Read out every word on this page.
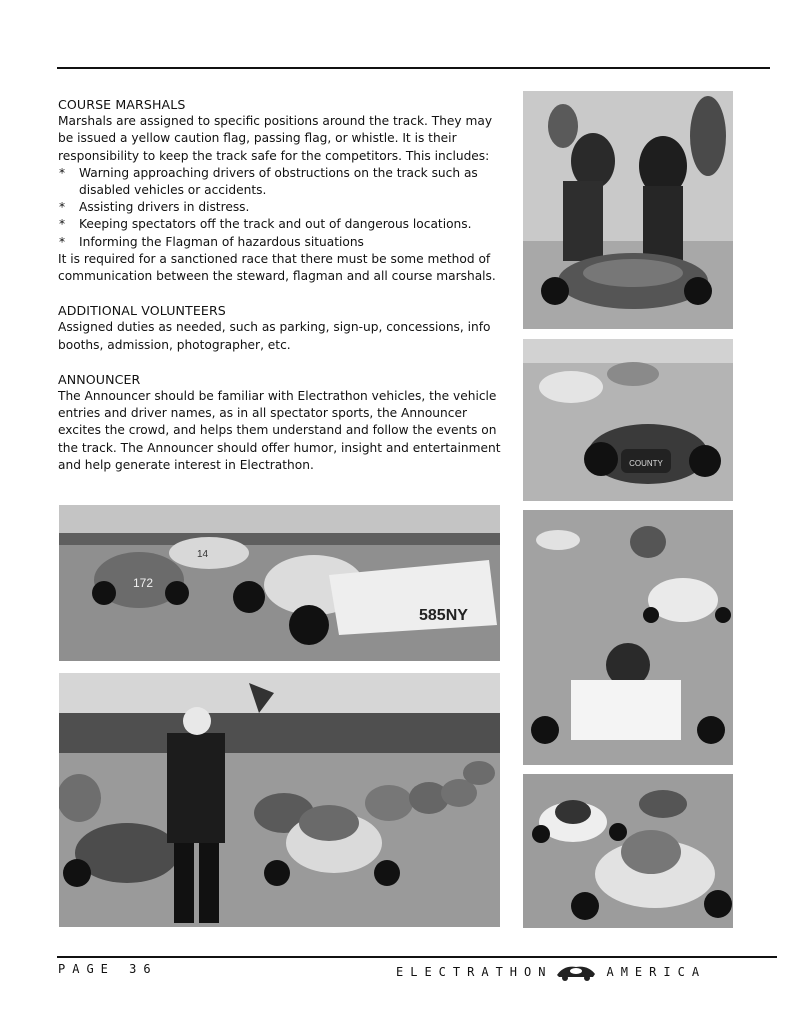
COURSE MARSHALS

Marshals are assigned to specific positions around the track. They may be issued a yellow caution flag, passing flag, or whistle. It is their responsibility to keep the track safe for the competitors. This includes:

* Warning approaching drivers of obstructions on the track such as disabled vehicles or accidents.
* Assisting drivers in distress.
* Keeping spectators off the track and out of dangerous locations.
* Informing the Flagman of hazardous situations

It is required for a sanctioned race that there must be some method of communication between the steward, flagman and all course marshals.

ADDITIONAL VOLUNTEERS

Assigned duties as needed, such as parking, sign-up, concessions, info booths, admission, photographer, etc.

ANNOUNCER

The Announcer should be familiar with Electrathon vehicles, the vehicle entries and driver names, as in all spectator sports, the Announcer excites the crowd, and helps them understand and follow the events on the track. The Announcer should offer humor, insight and entertainment and help generate interest in Electrathon.	COUNTY
172
14
585NY
PAGE 36	ELECTRATHON	AMERICA
